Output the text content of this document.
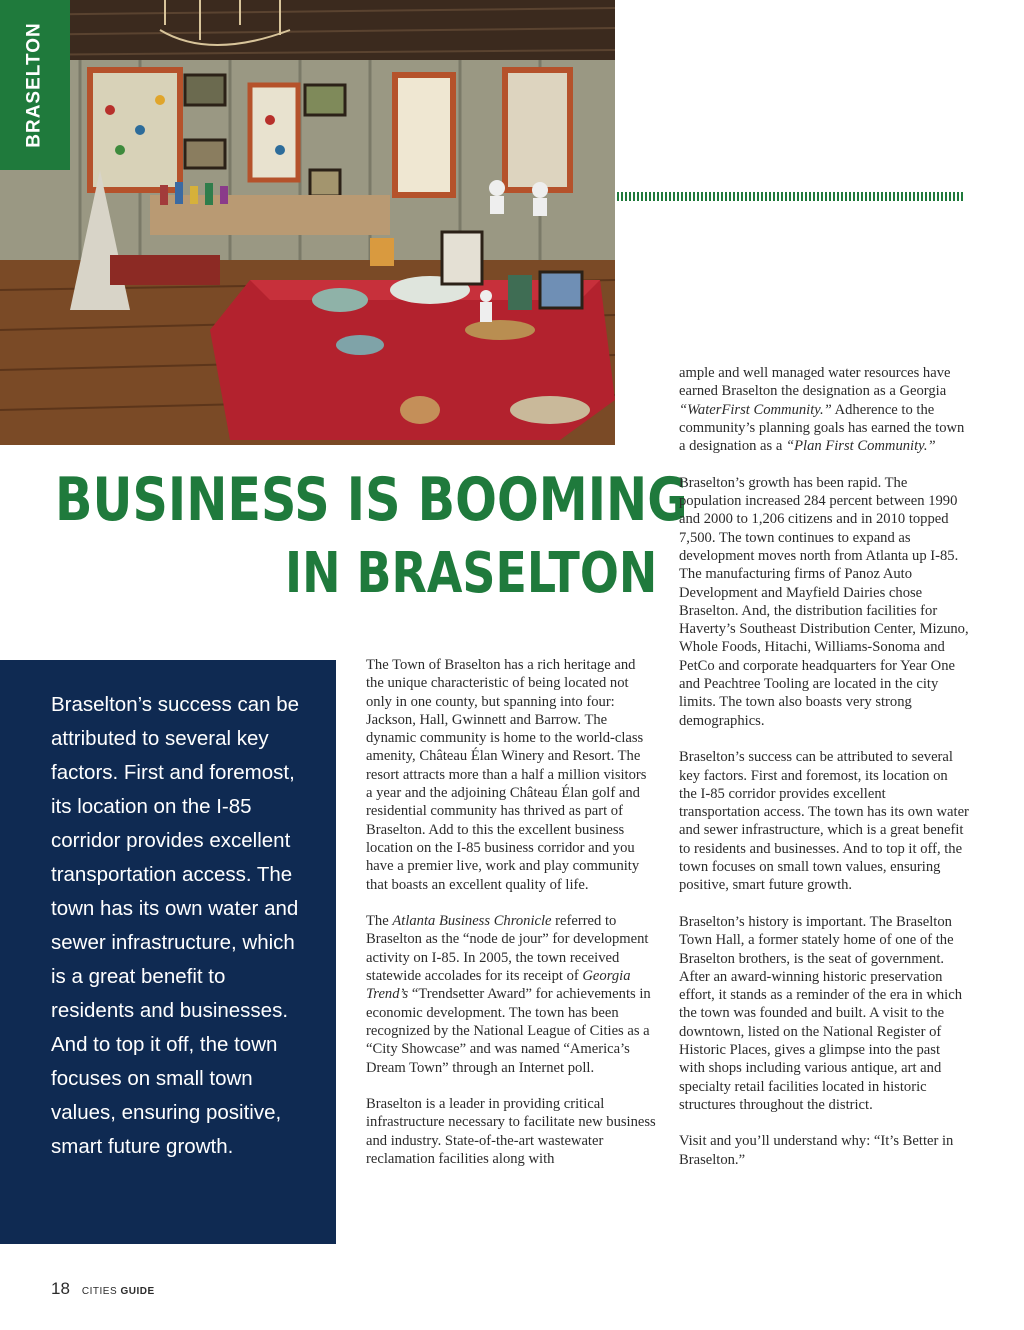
BRASELTON
BUSINESS IS BOOMING
IN BRASELTON

Braselton’s success can be attributed to several key factors. First and foremost, its location on the I-85 corridor provides excellent transportation access. The town has its own water and sewer infrastructure, which is a great benefit to residents and businesses. And to top it off, the town focuses on small town values, ensuring positive, smart future growth.

The Town of Braselton has a rich heritage and the unique characteristic of being located not only in one county, but spanning into four: Jackson, Hall, Gwinnett and Barrow. The dynamic community is home to the world-class amenity, Château Élan Winery and Resort. The resort attracts more than a half a million visitors a year and the adjoining Château Élan golf and residential community has thrived as part of Braselton. Add to this the excellent business location on the I-85 business corridor and you have a premier live, work and play community that boasts an excellent quality of life.

The Atlanta Business Chronicle referred to Braselton as the “node de jour” for development activity on I-85. In 2005, the town received statewide accolades for its receipt of Georgia Trend’s “Trendsetter Award” for achievements in economic development. The town has been recognized by the National League of Cities as a “City Showcase” and was named “America’s Dream Town” through an Internet poll.

Braselton is a leader in providing critical infrastructure necessary to facilitate new business and industry. State-of-the-art wastewater reclamation facilities along with

ample and well managed water resources have earned Braselton the designation as a Georgia “WaterFirst Community.” Adherence to the community’s planning goals has earned the town a designation as a “Plan First Community.”

Braselton’s growth has been rapid. The population increased 284 percent between 1990 and 2000 to 1,206 citizens and in 2010 topped 7,500. The town continues to expand as development moves north from Atlanta up I-85. The manufacturing firms of Panoz Auto Development and Mayfield Dairies chose Braselton. And, the distribution facilities for Haverty’s Southeast Distribution Center, Mizuno, Whole Foods, Hitachi, Williams-Sonoma and PetCo and corporate headquarters for Year One and Peachtree Tooling are located in the city limits. The town also boasts very strong demographics.

Braselton’s success can be attributed to several key factors. First and foremost, its location on the I-85 corridor provides excellent transportation access. The town has its own water and sewer infrastructure, which is a great benefit to residents and businesses. And to top it off, the town focuses on small town values, ensuring positive, smart future growth.

Braselton’s history is important. The Braselton Town Hall, a former stately home of one of the Braselton brothers, is the seat of government. After an award-winning historic preservation effort, it stands as a reminder of the era in which the town was founded and built. A visit to the downtown, listed on the National Register of Historic Places, gives a glimpse into the past with shops including various antique, art and specialty retail facilities located in historic structures throughout the district.

Visit and you’ll understand why: “It’s Better in Braselton.”

18 CITIES GUIDE
